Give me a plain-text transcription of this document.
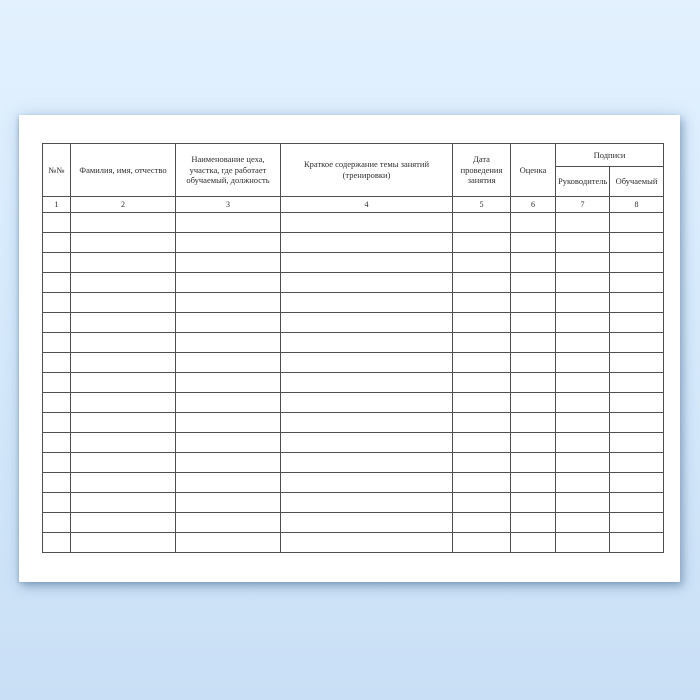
№№	Фамилия, имя, отчество	Наименование цеха, участка, где работает обучаемый, должность	Краткое содержание темы занятий (тренировки)	Дата проведения занятия	Оценка	Подписи	
						Руководитель	Обучаемый
1	2	3	4	5	6	7	8
